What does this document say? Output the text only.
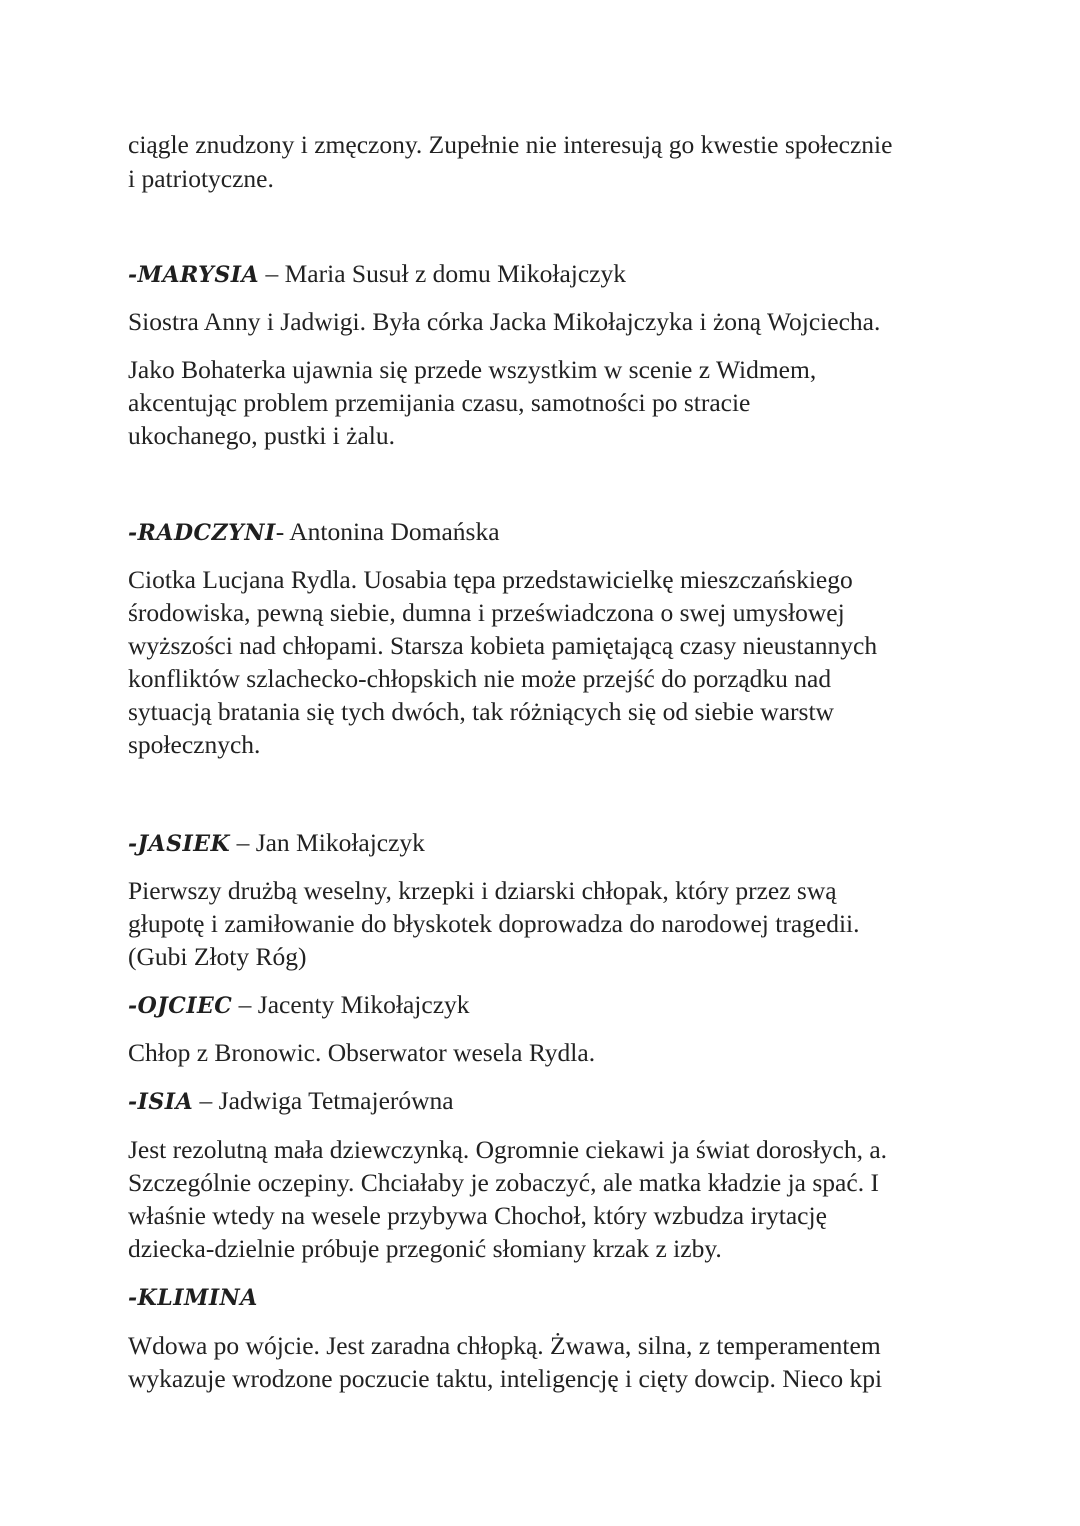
ciągle znudzony i zmęczony. Zupełnie nie interesują go kwestie społecznie
i patriotyczne.
-MARYSIA – Maria Susuł z domu Mikołajczyk
Siostra Anny i Jadwigi. Była córka Jacka Mikołajczyka i żoną Wojciecha.
Jako Bohaterka ujawnia się przede wszystkim w scenie z Widmem,
akcentując problem przemijania czasu, samotności po stracie
ukochanego, pustki i żalu.
-RADCZYNI- Antonina Domańska
Ciotka Lucjana Rydla. Uosabia tępa przedstawicielkę mieszczańskiego
środowiska, pewną siebie, dumna i przeświadczona o swej umysłowej
wyższości nad chłopami. Starsza kobieta pamiętającą czasy nieustannych
konfliktów szlachecko-chłopskich nie może przejść do porządku nad
sytuacją bratania się tych dwóch, tak różniących się od siebie warstw
społecznych.
-JASIEK – Jan Mikołajczyk
Pierwszy drużbą weselny, krzepki i dziarski chłopak, który przez swą
głupotę i zamiłowanie do błyskotek doprowadza do narodowej tragedii.
(Gubi Złoty Róg)
-OJCIEC – Jacenty Mikołajczyk
Chłop z Bronowic. Obserwator wesela Rydla.
-ISIA – Jadwiga Tetmajerówna
Jest rezolutną mała dziewczynką. Ogromnie ciekawi ja świat dorosłych, a.
Szczególnie oczepiny. Chciałaby je zobaczyć, ale matka kładzie ja spać. I
właśnie wtedy na wesele przybywa Chochoł, który wzbudza irytację
dziecka-dzielnie próbuje przegonić słomiany krzak z izby.
-KLIMINA
Wdowa po wójcie. Jest zaradna chłopką. Żwawa, silna, z temperamentem
wykazuje wrodzone poczucie taktu, inteligencję i cięty dowcip. Nieco kpi
